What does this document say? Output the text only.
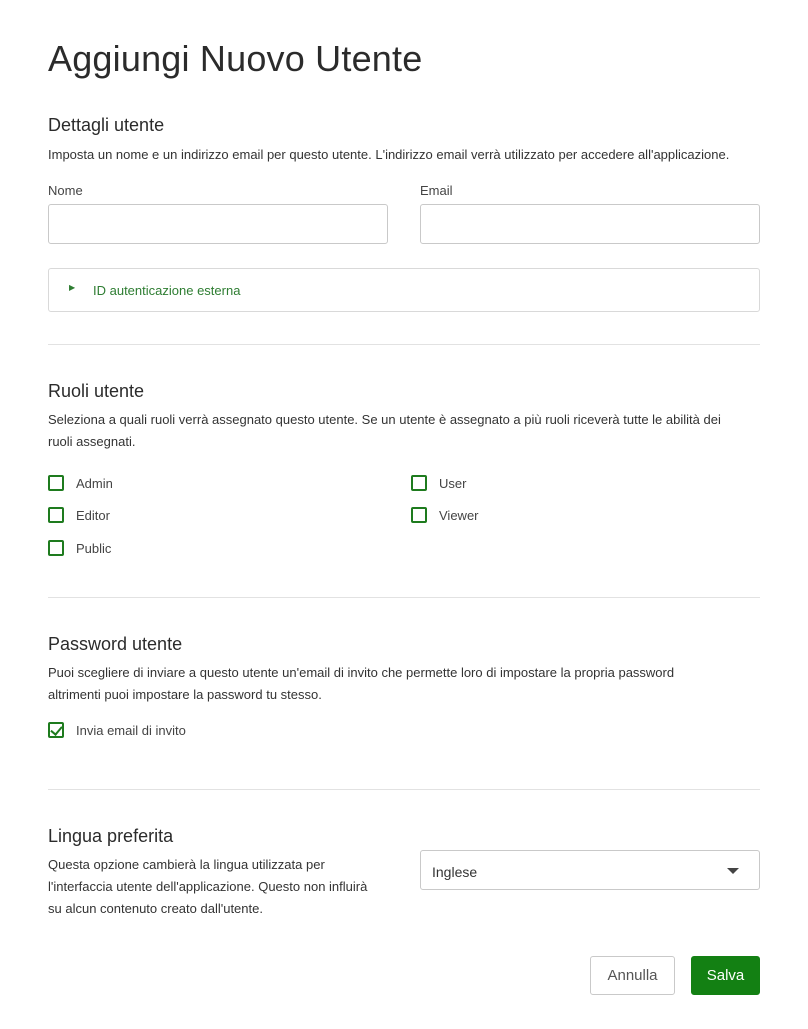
Aggiungi Nuovo Utente
Dettagli utente
Imposta un nome e un indirizzo email per questo utente. L'indirizzo email verrà utilizzato per accedere all'applicazione.
Nome	Email
▶ ID autenticazione esterna
Ruoli utente
Seleziona a quali ruoli verrà assegnato questo utente. Se un utente è assegnato a più ruoli riceverà tutte le abilità dei
ruoli assegnati.
Admin	User
Editor	Viewer
Public
Password utente
Puoi scegliere di inviare a questo utente un'email di invito che permette loro di impostare la propria password
altrimenti puoi impostare la password tu stesso.
Invia email di invito
Lingua preferita
Questa opzione cambierà la lingua utilizzata per
l'interfaccia utente dell'applicazione. Questo non influirà
su alcun contenuto creato dall'utente.
Inglese
Annulla	Salva
